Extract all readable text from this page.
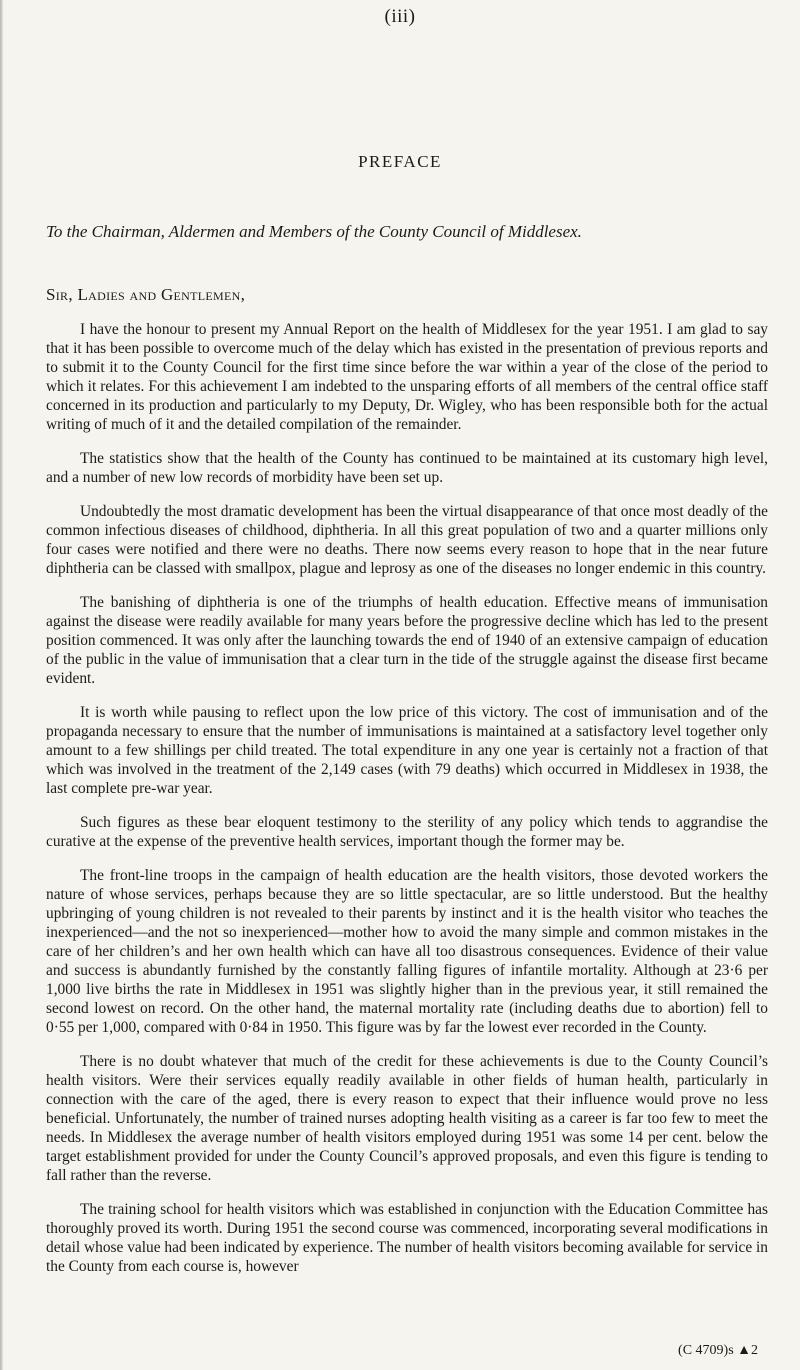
(iii)
PREFACE
To the Chairman, Aldermen and Members of the County Council of Middlesex.
Sir, Ladies and Gentlemen,

I have the honour to present my Annual Report on the health of Middlesex for the year 1951. I am glad to say that it has been possible to overcome much of the delay which has existed in the presentation of previous reports and to submit it to the County Council for the first time since before the war within a year of the close of the period to which it relates. For this achievement I am indebted to the unsparing efforts of all members of the central office staff concerned in its production and particularly to my Deputy, Dr. Wigley, who has been responsible both for the actual writing of much of it and the detailed compilation of the remainder.

The statistics show that the health of the County has continued to be maintained at its customary high level, and a number of new low records of morbidity have been set up.

Undoubtedly the most dramatic development has been the virtual disappearance of that once most deadly of the common infectious diseases of childhood, diphtheria. In all this great population of two and a quarter millions only four cases were notified and there were no deaths. There now seems every reason to hope that in the near future diphtheria can be classed with smallpox, plague and leprosy as one of the diseases no longer endemic in this country.

The banishing of diphtheria is one of the triumphs of health education. Effective means of immunisation against the disease were readily available for many years before the progressive decline which has led to the present position commenced. It was only after the launching towards the end of 1940 of an extensive campaign of education of the public in the value of immunisation that a clear turn in the tide of the struggle against the disease first became evident.

It is worth while pausing to reflect upon the low price of this victory. The cost of immunisation and of the propaganda necessary to ensure that the number of immunisations is maintained at a satisfactory level together only amount to a few shillings per child treated. The total expenditure in any one year is certainly not a fraction of that which was involved in the treatment of the 2,149 cases (with 79 deaths) which occurred in Middlesex in 1938, the last complete pre-war year.

Such figures as these bear eloquent testimony to the sterility of any policy which tends to aggrandise the curative at the expense of the preventive health services, important though the former may be.

The front-line troops in the campaign of health education are the health visitors, those devoted workers the nature of whose services, perhaps because they are so little spectacular, are so little understood. But the healthy upbringing of young children is not revealed to their parents by instinct and it is the health visitor who teaches the inexperienced—and the not so inexperienced—mother how to avoid the many simple and common mistakes in the care of her children’s and her own health which can have all too disastrous consequences. Evidence of their value and success is abundantly furnished by the constantly falling figures of infantile mortality. Although at 23·6 per 1,000 live births the rate in Middlesex in 1951 was slightly higher than in the previous year, it still remained the second lowest on record. On the other hand, the maternal mortality rate (including deaths due to abortion) fell to 0·55 per 1,000, compared with 0·84 in 1950. This figure was by far the lowest ever recorded in the County.

There is no doubt whatever that much of the credit for these achievements is due to the County Council’s health visitors. Were their services equally readily available in other fields of human health, particularly in connection with the care of the aged, there is every reason to expect that their influence would prove no less beneficial. Unfortunately, the number of trained nurses adopting health visiting as a career is far too few to meet the needs. In Middlesex the average number of health visitors employed during 1951 was some 14 per cent. below the target establishment provided for under the County Council’s approved proposals, and even this figure is tending to fall rather than the reverse.

The training school for health visitors which was established in conjunction with the Education Committee has thoroughly proved its worth. During 1951 the second course was commenced, incorporating several modifications in detail whose value had been indicated by experience. The number of health visitors becoming available for service in the County from each course is, however

(C 4709)s ▲2
